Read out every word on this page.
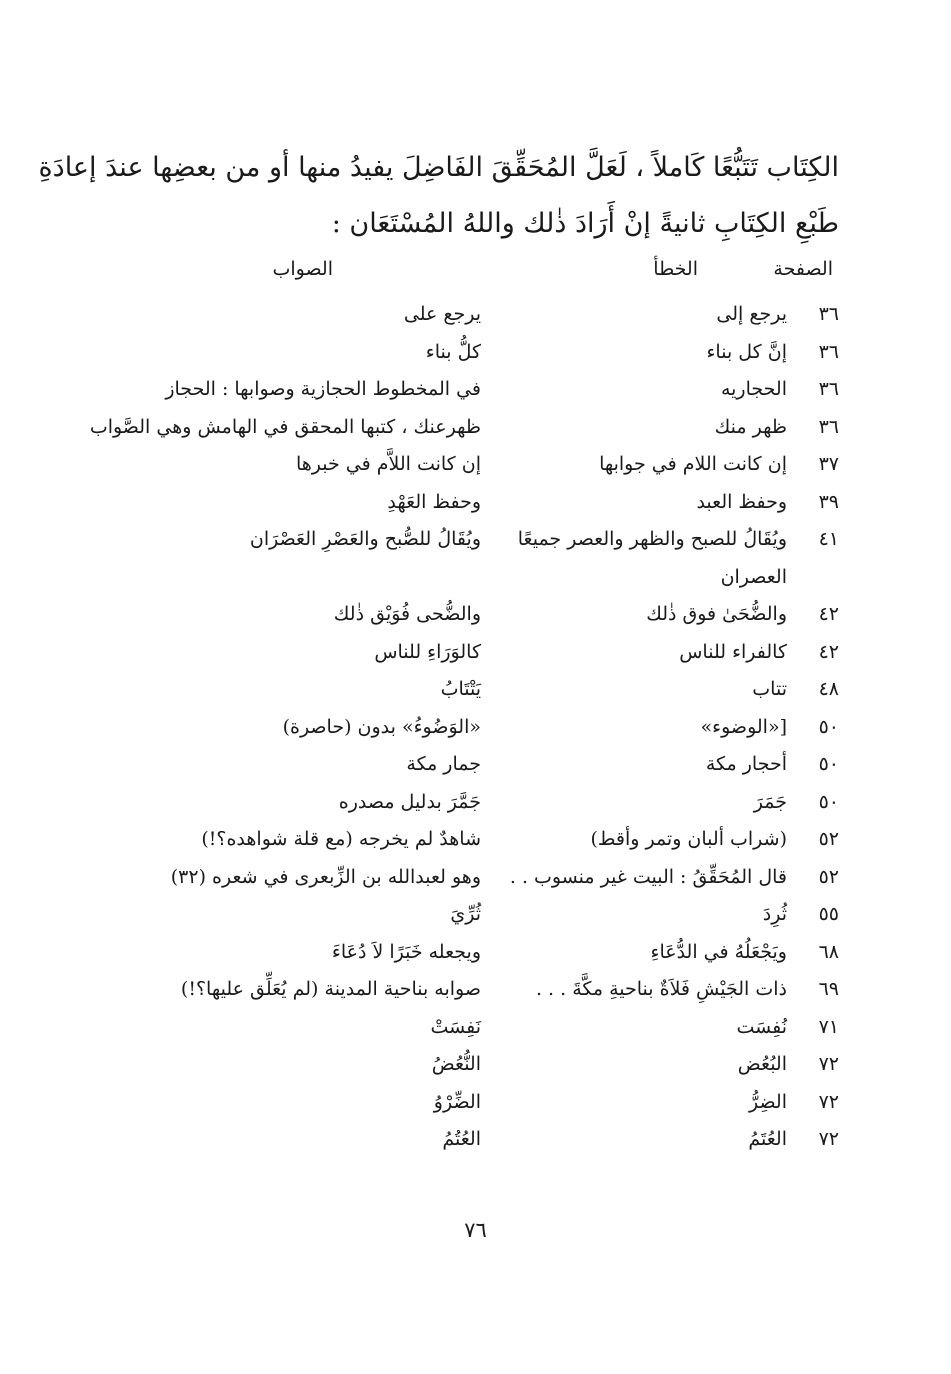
الكِتَاب تَتَبُّعًا كَاملاً ، لَعَلَّ المُحَقِّقَ الفَاضِلَ يفيدُ منها أو من بعضِها عندَ إعادَةِ

طَبْعِ الكِتَابِ ثانيةً إنْ أَرَادَ ذٰلك واللهُ المُسْتَعَان :

الصفحة
الخطأ
الصواب
٣٦
يرجع إلى
يرجع على
٣٦
إنَّ كل بناء
كلُّ بناء
٣٦
الحجاريه
في المخطوط الحجازية وصوابها : الحجاز
٣٦
ظهر منك
ظهرعنك ، كتبها المحقق في الهامش وهي الصَّواب
٣٧
إن كانت اللام في جوابها
إن كانت اللاَّم في خبرها
٣٩
وحفظ العبد
وحفظ العَهْدِ
٤١
ويُقَالُ للصبح والظهر والعصر جميعًا
العصران
ويُقَالُ للصُّبح والعَصْرِ العَصْرَان
٤٢
والضُّحَىٰ فوق ذٰلك
والضُّحى فُوَيْق ذٰلك
٤٢
كالفراء للناس
كالوَرَاءِ للناس
٤٨
تتاب
يَتْتَابُ
٥٠
[«الوضوء»
«الوَضُوءُ» بدون (حاصرة)
٥٠
أحجار مكة
جمار مكة
٥٠
جَمَرَ
جَمَّرَ بدليل مصدره
٥٢
(شراب ألبان وتمر وأقط)
شاهدٌ لم يخرجه (مع قلة شواهده؟!)
٥٢
قال المُحَقِّقُ : البيت غير منسوب . .
وهو لعبدالله بن الزِّبعرى في شعره (٣٢)
٥٥
ثُرِدَ
ثُرِّيَ
٦٨
ويَجْعَلُهُ في الدُّعَاءِ
ويجعله خَبَرًا لاَ دُعَاءَ
٦٩
ذات الجَيْشِ فَلاَةٌ بناحيةِ مكَّةَ . . .
صوابه بناحية المدينة (لم يُعَلِّق عليها؟!)
٧١
نُفِسَت
نَفِسَتْ
٧٢
البُعُض
النُّعُضُ
٧٢
الضِرُّ
الضِّرْوُ
٧٢
العُتَمُ
العُتُمُ
٧٦
